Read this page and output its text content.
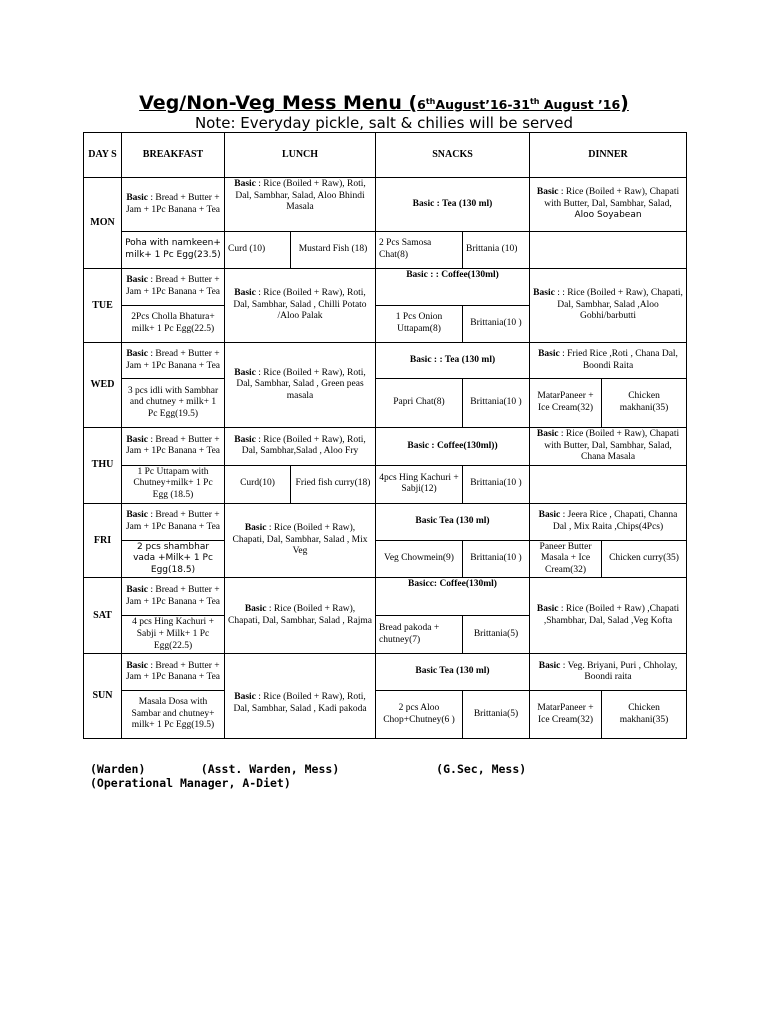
Veg/Non-Veg Mess Menu (6thAugust’16-31th August ’16)
Note: Everyday pickle, salt & chilies will be served
DAY S	BREAKFAST	LUNCH		SNACKS		DINNER	
MON	Basic : Bread + Butter + Jam + 1Pc Banana + Tea	Basic : Rice (Boiled + Raw), Roti, Dal, Sambhar, Salad, Aloo Bhindi Masala		Basic : Tea (130 ml)		Basic : Rice (Boiled + Raw), Chapati with Butter, Dal, Sambhar, Salad,
Aloo Soyabean	
	Poha with namkeen+ milk+ 1 Pc Egg(23.5)	Curd (10)	Mustard Fish (18)	2 Pcs Samosa Chat(8)	Brittania (10)		
TUE	Basic : Bread + Butter + Jam + 1Pc Banana + Tea	Basic : Rice (Boiled + Raw), Roti, Dal, Sambhar, Salad , Chilli Potato /Aloo Palak		Basic : : Coffee(130ml)		Basic : : Rice (Boiled + Raw), Chapati, Dal, Sambhar, Salad ,Aloo Gobhi/barbutti	
	2Pcs Cholla Bhatura+ milk+ 1 Pc Egg(22.5)			1 Pcs Onion Uttapam(8)	Brittania(10 )		
WED	Basic : Bread + Butter + Jam + 1Pc Banana + Tea	Basic : Rice (Boiled + Raw), Roti, Dal, Sambhar, Salad , Green peas masala		Basic : : Tea (130 ml)		Basic : Fried Rice ,Roti , Chana Dal, Boondi Raita	
	3 pcs idli with Sambhar and chutney + milk+ 1 Pc Egg(19.5)			Papri Chat(8)	Brittania(10 )	MatarPaneer + Ice Cream(32)	Chicken makhani(35)
THU	Basic : Bread + Butter + Jam + 1Pc Banana + Tea	Basic : Rice (Boiled + Raw), Roti, Dal, Sambhar,Salad , Aloo Fry		Basic : Coffee(130ml))		Basic : Rice (Boiled + Raw), Chapati with Butter, Dal, Sambhar, Salad, Chana Masala	
	1 Pc Uttapam with Chutney+milk+ 1 Pc Egg (18.5)	Curd(10)	Fried fish curry(18)	4pcs Hing Kachuri + Sabji(12)	Brittania(10 )		
FRI	Basic : Bread + Butter + Jam + 1Pc Banana + Tea	Basic : Rice (Boiled + Raw), Chapati, Dal, Sambhar, Salad , Mix Veg		Basic Tea (130 ml)		Basic : Jeera Rice , Chapati, Channa Dal , Mix Raita ,Chips(4Pcs)	
	2 pcs shambhar vada +Milk+ 1 Pc Egg(18.5)			Veg Chowmein(9)	Brittania(10 )	Paneer Butter Masala + Ice Cream(32)	Chicken curry(35)
SAT	Basic : Bread + Butter + Jam + 1Pc Banana + Tea	Basic : Rice (Boiled + Raw), Chapati, Dal, Sambhar, Salad , Rajma		Basicc: Coffee(130ml)		Basic : Rice (Boiled + Raw) ,Chapati ,Shambhar, Dal, Salad ,Veg Kofta	
	4 pcs Hing Kachuri + Sabji + Milk+ 1 Pc Egg(22.5)			Bread pakoda + chutney(7)	Brittania(5)		
SUN	Basic : Bread + Butter + Jam + 1Pc Banana + Tea	Basic : Rice (Boiled + Raw), Roti, Dal, Sambhar, Salad , Kadi pakoda		Basic Tea (130 ml)		Basic : Veg. Briyani, Puri , Chholay, Boondi raita	
	Masala Dosa with Sambar and chutney+ milk+ 1 Pc Egg(19.5)			2 pcs Aloo Chop+Chutney(6 )	Brittania(5)	MatarPaneer + Ice Cream(32)	Chicken makhani(35)
(Warden)        (Asst. Warden, Mess)              (G.Sec, Mess)
(Operational Manager, A-Diet)
